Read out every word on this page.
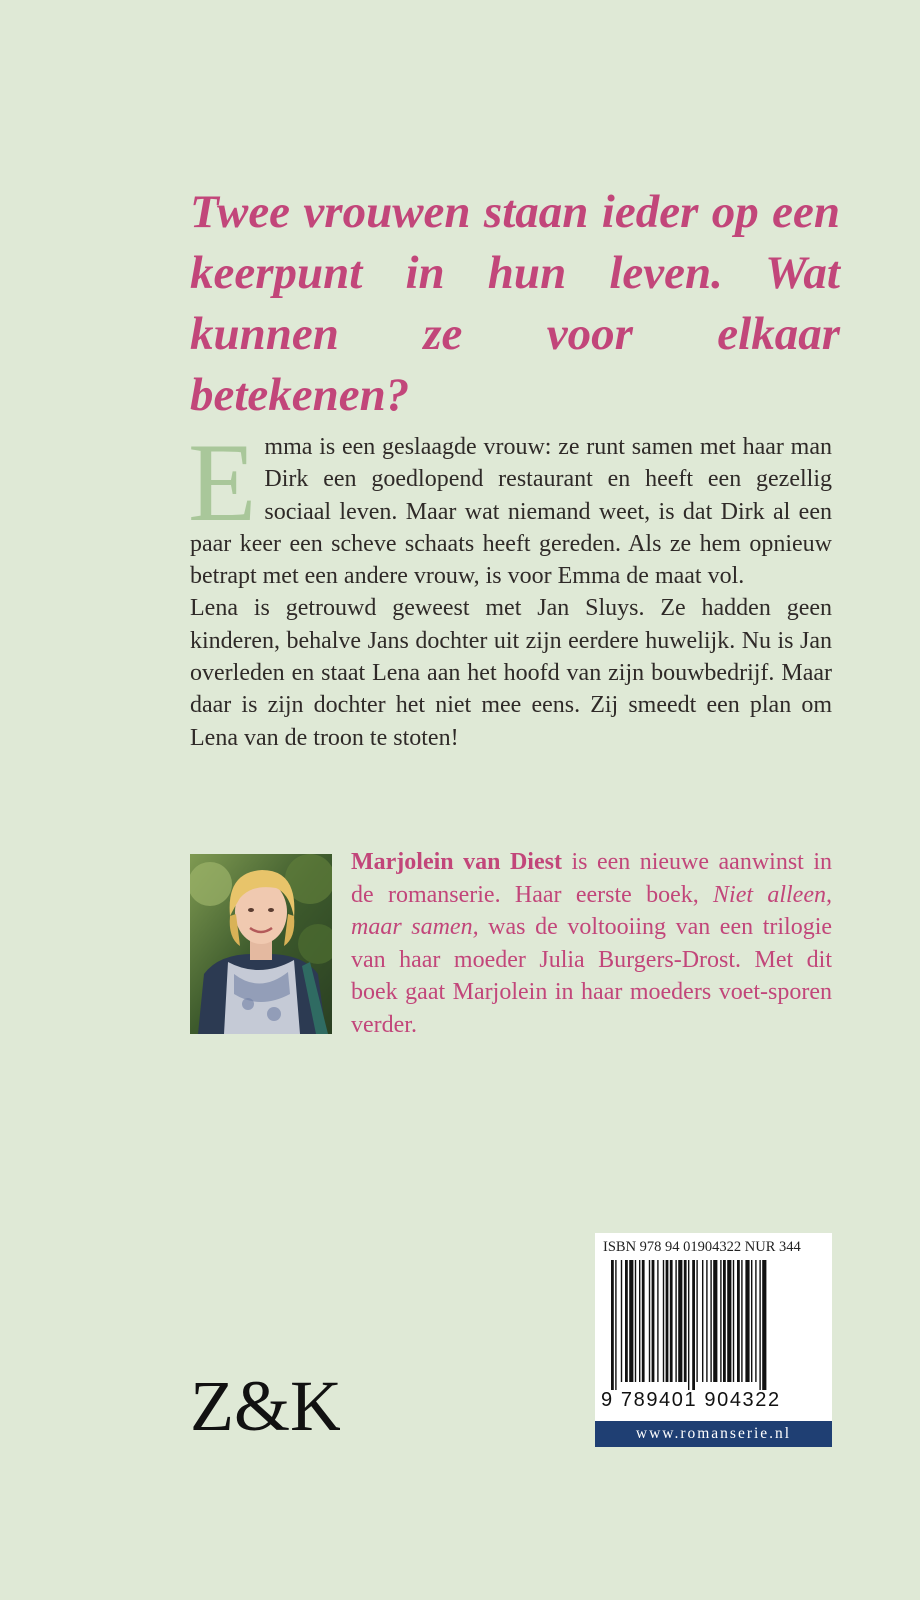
Twee vrouwen staan ieder op een
keerpunt in hun leven. Wat
kunnen ze voor elkaar betekenen?

Emma is een geslaagde vrouw: ze runt samen met haar man Dirk een goedlopend restaurant en heeft een gezellig sociaal leven. Maar wat niemand weet, is dat Dirk al een paar keer een scheve schaats heeft gereden. Als ze hem opnieuw betrapt met een andere vrouw, is voor Emma de maat vol.

Lena is getrouwd geweest met Jan Sluys. Ze hadden geen kinderen, behalve Jans dochter uit zijn eerdere huwelijk. Nu is Jan overleden en staat Lena aan het hoofd van zijn bouwbedrijf. Maar daar is zijn dochter het niet mee eens. Zij smeedt een plan om Lena van de troon te stoten!

Marjolein van Diest is een nieuwe aanwinst in de romanserie. Haar eerste boek, Niet alleen, maar samen, was de voltooiing van een trilogie van haar moeder Julia Burgers-Drost. Met dit boek gaat Marjolein in haar moeders voet-sporen verder.

Z&K
ISBN 978 94 01904322 NUR 344
9 789401 904322
www.romanserie.nl
